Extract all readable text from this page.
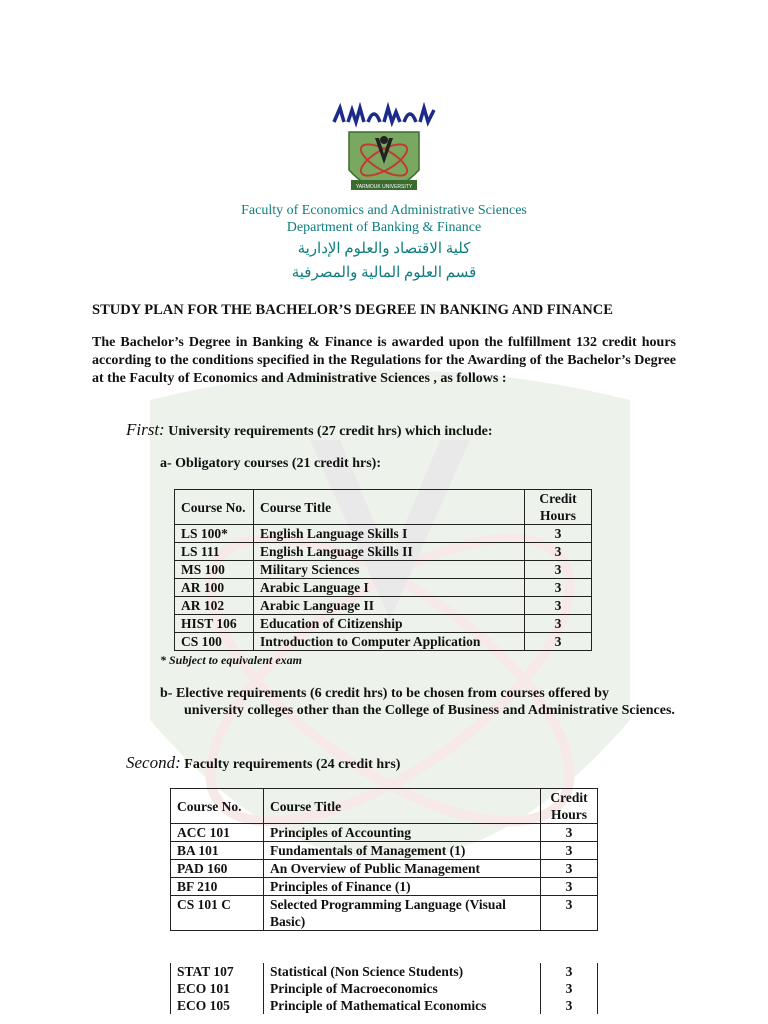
YARMOUK UNIVERSITY
Faculty of Economics and Administrative Sciences
Department of Banking & Finance
كلية الاقتصاد والعلوم الإدارية
قسم العلوم المالية والمصرفية
STUDY PLAN FOR THE BACHELOR’S DEGREE IN BANKING AND FINANCE
The Bachelor’s Degree in Banking & Finance is awarded upon the fulfillment 132 credit hours according to the conditions specified in the Regulations for the Awarding of the Bachelor’s Degree at the Faculty of Economics and Administrative Sciences , as follows :
First: University requirements (27 credit hrs) which include:
a- Obligatory courses (21 credit hrs):
Course No.	Course Title	Credit Hours
LS 100*	English Language Skills I	3
LS 111	English Language Skills II	3
MS 100	Military Sciences	3
AR 100	Arabic Language I	3
AR 102	Arabic Language II	3
HIST 106	Education of Citizenship	3
CS 100	Introduction to Computer Application	3
* Subject to equivalent exam
b- Elective requirements (6 credit hrs) to be chosen from courses offered by
university colleges other than the College of Business and Administrative Sciences.
Second: Faculty requirements (24 credit hrs)
Course No.	Course Title	Credit Hours
ACC 101	Principles of Accounting	3
BA 101	Fundamentals of Management (1)	3
PAD 160	An Overview of Public Management	3
BF 210	Principles of Finance (1)	3
CS 101 C	Selected Programming Language (Visual Basic)	3
STAT 107	Statistical (Non Science Students)	3
ECO 101	Principle of Macroeconomics	3
ECO 105	Principle of Mathematical Economics	3
